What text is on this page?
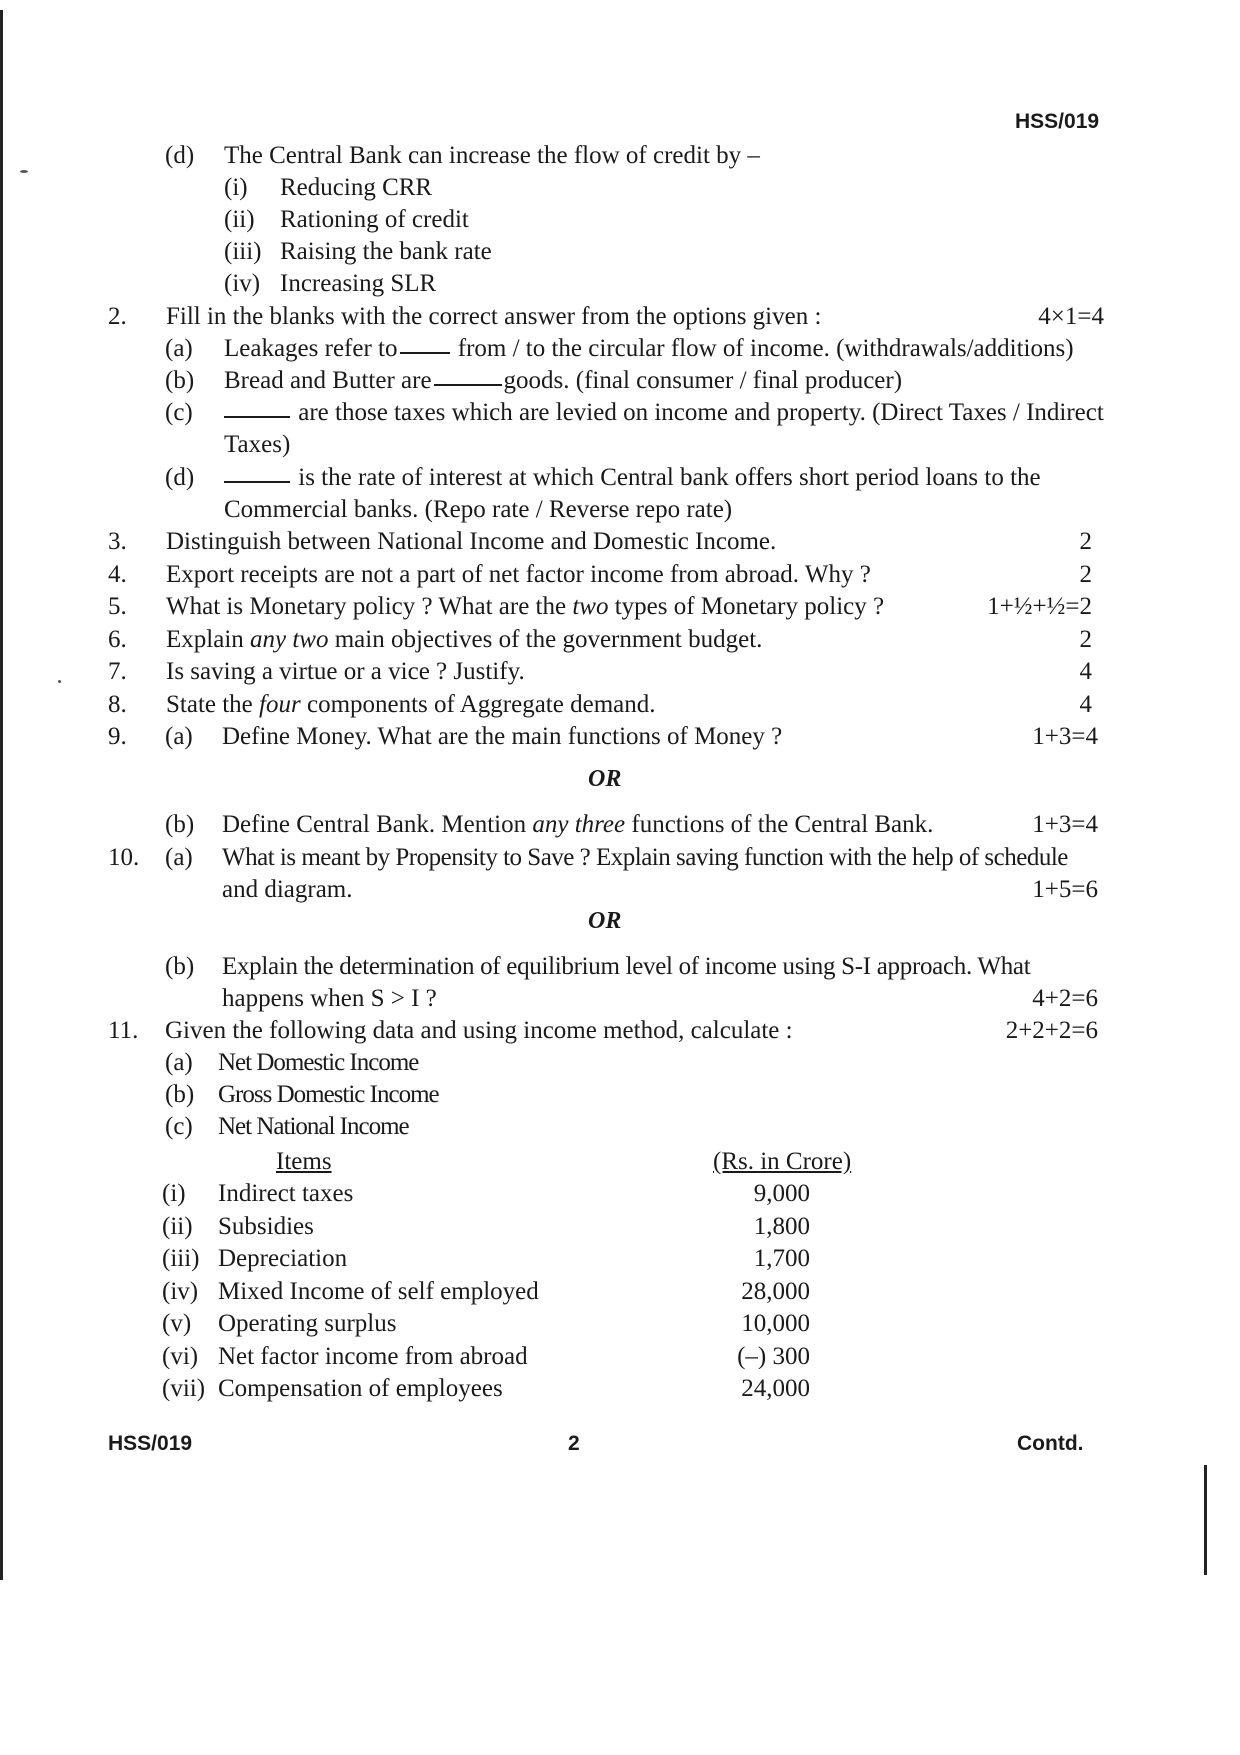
HSS/019
(d) The Central Bank can increase the flow of credit by –
(i) Reducing CRR
(ii) Rationing of credit
(iii) Raising the bank rate
(iv) Increasing SLR
2. Fill in the blanks with the correct answer from the options given :	4×1=4
(a) Leakages refer to from / to the circular flow of income. (withdrawals/additions)
(b) Bread and Butter are	goods. (final consumer / final producer)
(c)	are those taxes which are levied on income and property. (Direct Taxes / Indirect
Taxes)
(d)	is the rate of interest at which Central bank offers short period loans to the
Commercial banks. (Repo rate / Reverse repo rate)
3. Distinguish between National Income and Domestic Income.	2
4. Export receipts are not a part of net factor income from abroad. Why ?	2
5. What is Monetary policy ? What are the two types of Monetary policy ?	1+½+½=2
6. Explain any two main objectives of the government budget.	2
7. Is saving a virtue or a vice ? Justify.	4
8. State the four components of Aggregate demand.	4
9. (a) Define Money. What are the main functions of Money ?	1+3=4
OR
(b) Define Central Bank. Mention any three functions of the Central Bank.	1+3=4
10. (a) What is meant by Propensity to Save ? Explain saving function with the help of schedule
and diagram.	1+5=6
OR
(b) Explain the determination of equilibrium level of income using S-I approach. What
happens when S > I ?	4+2=6
11. Given the following data and using income method, calculate :	2+2+2=6
(a) Net Domestic Income
(b) Gross Domestic Income
(c) Net National Income
Items	(Rs. in Crore)
(i) Indirect taxes	9,000
(ii) Subsidies	1,800
(iii) Depreciation	1,700
(iv) Mixed Income of self employed	28,000
(v) Operating surplus	10,000
(vi) Net factor income from abroad	(–) 300
(vii) Compensation of employees	24,000
HSS/019	2	Contd.
